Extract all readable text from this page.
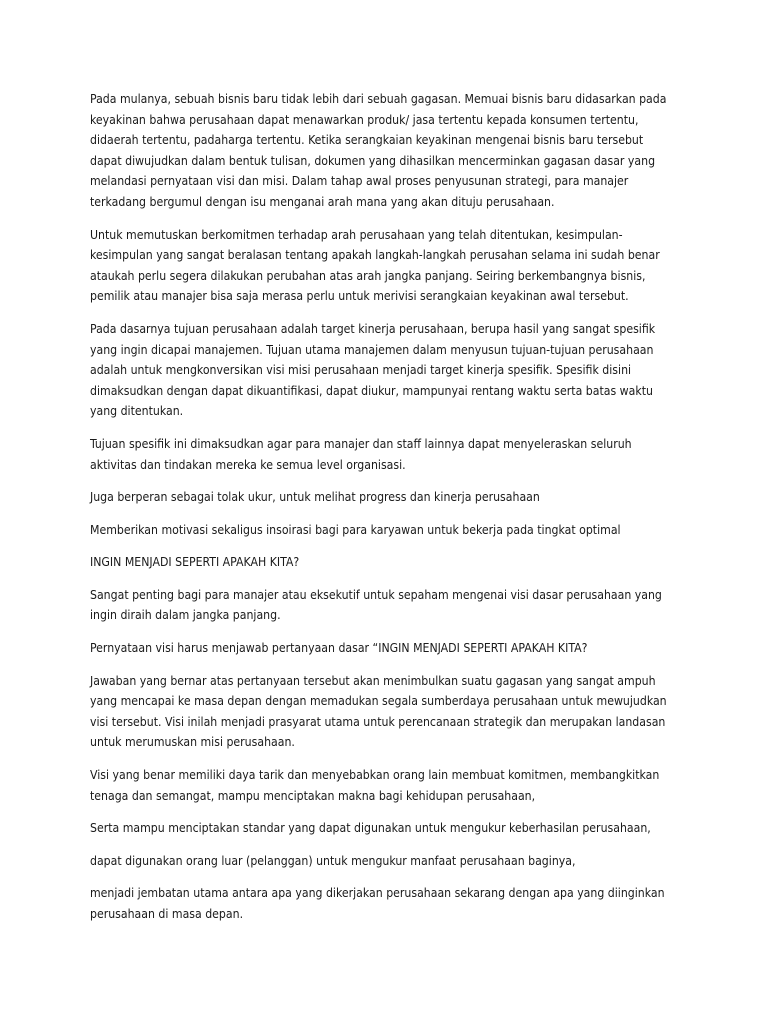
Pada mulanya, sebuah bisnis baru tidak lebih dari sebuah gagasan. Memuai bisnis baru didasarkan pada
keyakinan bahwa perusahaan dapat menawarkan produk/ jasa tertentu kepada konsumen tertentu,
didaerah tertentu, padaharga tertentu. Ketika serangkaian keyakinan mengenai bisnis baru tersebut
dapat diwujudkan dalam bentuk tulisan, dokumen yang dihasilkan mencerminkan gagasan dasar yang
melandasi pernyataan visi dan misi. Dalam tahap awal proses penyusunan strategi, para manajer
terkadang bergumul dengan isu menganai arah mana yang akan dituju perusahaan.

Untuk memutuskan berkomitmen terhadap arah perusahaan yang telah ditentukan, kesimpulan-
kesimpulan yang sangat beralasan tentang apakah langkah-langkah perusahan selama ini sudah benar
ataukah perlu segera dilakukan perubahan atas arah jangka panjang. Seiring berkembangnya bisnis,
pemilik atau manajer bisa saja merasa perlu untuk merivisi serangkaian keyakinan awal tersebut.

Pada dasarnya tujuan perusahaan adalah target kinerja perusahaan, berupa hasil yang sangat spesifik
yang ingin dicapai manajemen. Tujuan utama manajemen dalam menyusun tujuan-tujuan perusahaan
adalah untuk mengkonversikan visi misi perusahaan menjadi target kinerja spesifik. Spesifik disini
dimaksudkan dengan dapat dikuantifikasi, dapat diukur, mampunyai rentang waktu serta batas waktu
yang ditentukan.

Tujuan spesifik ini dimaksudkan agar para manajer dan staff lainnya dapat menyeleraskan seluruh
aktivitas dan tindakan mereka ke semua level organisasi.

Juga berperan sebagai tolak ukur, untuk melihat progress dan kinerja perusahaan

Memberikan motivasi sekaligus insoirasi bagi para karyawan untuk bekerja pada tingkat optimal

INGIN MENJADI SEPERTI APAKAH KITA?

Sangat penting bagi para manajer atau eksekutif untuk sepaham mengenai visi dasar perusahaan yang
ingin diraih dalam jangka panjang.

Pernyataan visi harus menjawab pertanyaan dasar “INGIN MENJADI SEPERTI APAKAH KITA?

Jawaban yang bernar atas pertanyaan tersebut akan menimbulkan suatu gagasan yang sangat ampuh
yang mencapai ke masa depan dengan memadukan segala sumberdaya perusahaan untuk mewujudkan
visi tersebut. Visi inilah menjadi prasyarat utama untuk perencanaan strategik dan merupakan landasan
untuk merumuskan misi perusahaan.

Visi yang benar memiliki daya tarik dan menyebabkan orang lain membuat komitmen, membangkitkan
tenaga dan semangat, mampu menciptakan makna bagi kehidupan perusahaan,

Serta mampu menciptakan standar yang dapat digunakan untuk mengukur keberhasilan perusahaan,

dapat digunakan orang luar (pelanggan) untuk mengukur manfaat perusahaan baginya,

menjadi jembatan utama antara apa yang dikerjakan perusahaan sekarang dengan apa yang diinginkan
perusahaan di masa depan.
